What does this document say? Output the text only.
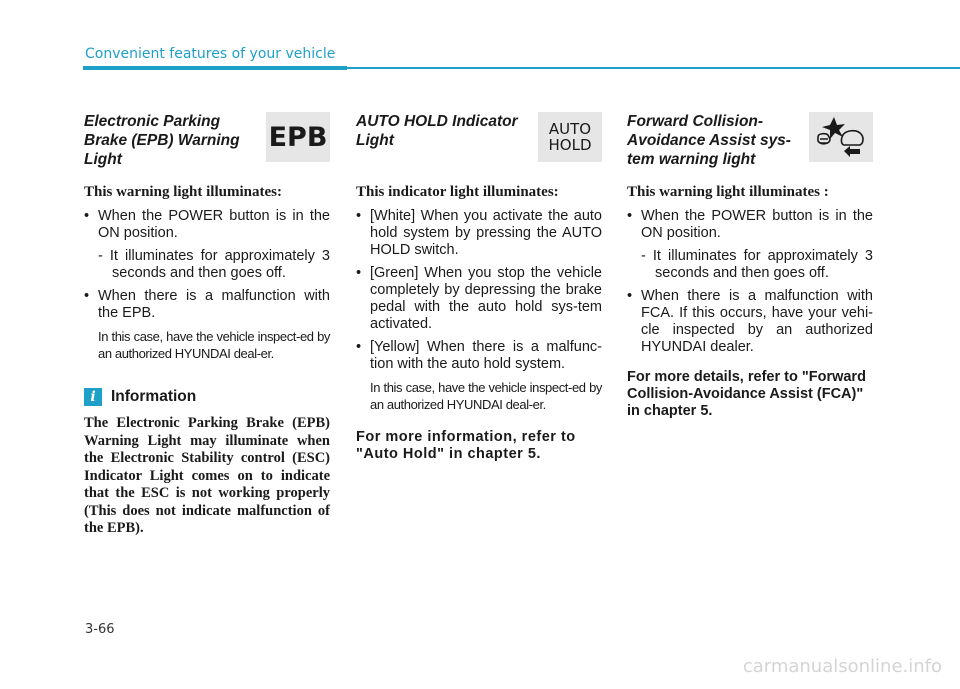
Convenient features of your vehicle
Electronic Parking
Brake (EPB) Warning
Light
EPB
This warning light illuminates:
• When the POWER button is in the ON position.
- It illuminates for approximately 3 seconds and then goes off.
• When there is a malfunction with the EPB.
In this case, have the vehicle inspect-ed by an authorized HYUNDAI deal-er.
i Information
The Electronic Parking Brake (EPB) Warning Light may illuminate when the Electronic Stability control (ESC) Indicator Light comes on to indicate that the ESC is not working properly (This does not indicate malfunction of the EPB).
AUTO HOLD Indicator
Light
AUTO
HOLD
This indicator light illuminates:
• [White] When you activate the auto hold system by pressing the AUTO HOLD switch.
• [Green] When you stop the vehicle completely by depressing the brake pedal with the auto hold sys-tem activated.
• [Yellow] When there is a malfunc-tion with the auto hold system.
In this case, have the vehicle inspect-ed by an authorized HYUNDAI deal-er.
For more information, refer to "Auto Hold" in chapter 5.
Forward Collision-
Avoidance Assist sys-
tem warning light
This warning light illuminates :
• When the POWER button is in the ON position.
- It illuminates for approximately 3 seconds and then goes off.
• When there is a malfunction with FCA. If this occurs, have your vehi-cle inspected by an authorized HYUNDAI dealer.
For more details, refer to "Forward Collision-Avoidance Assist (FCA)" in chapter 5.
3-66
carmanualsonline.info
